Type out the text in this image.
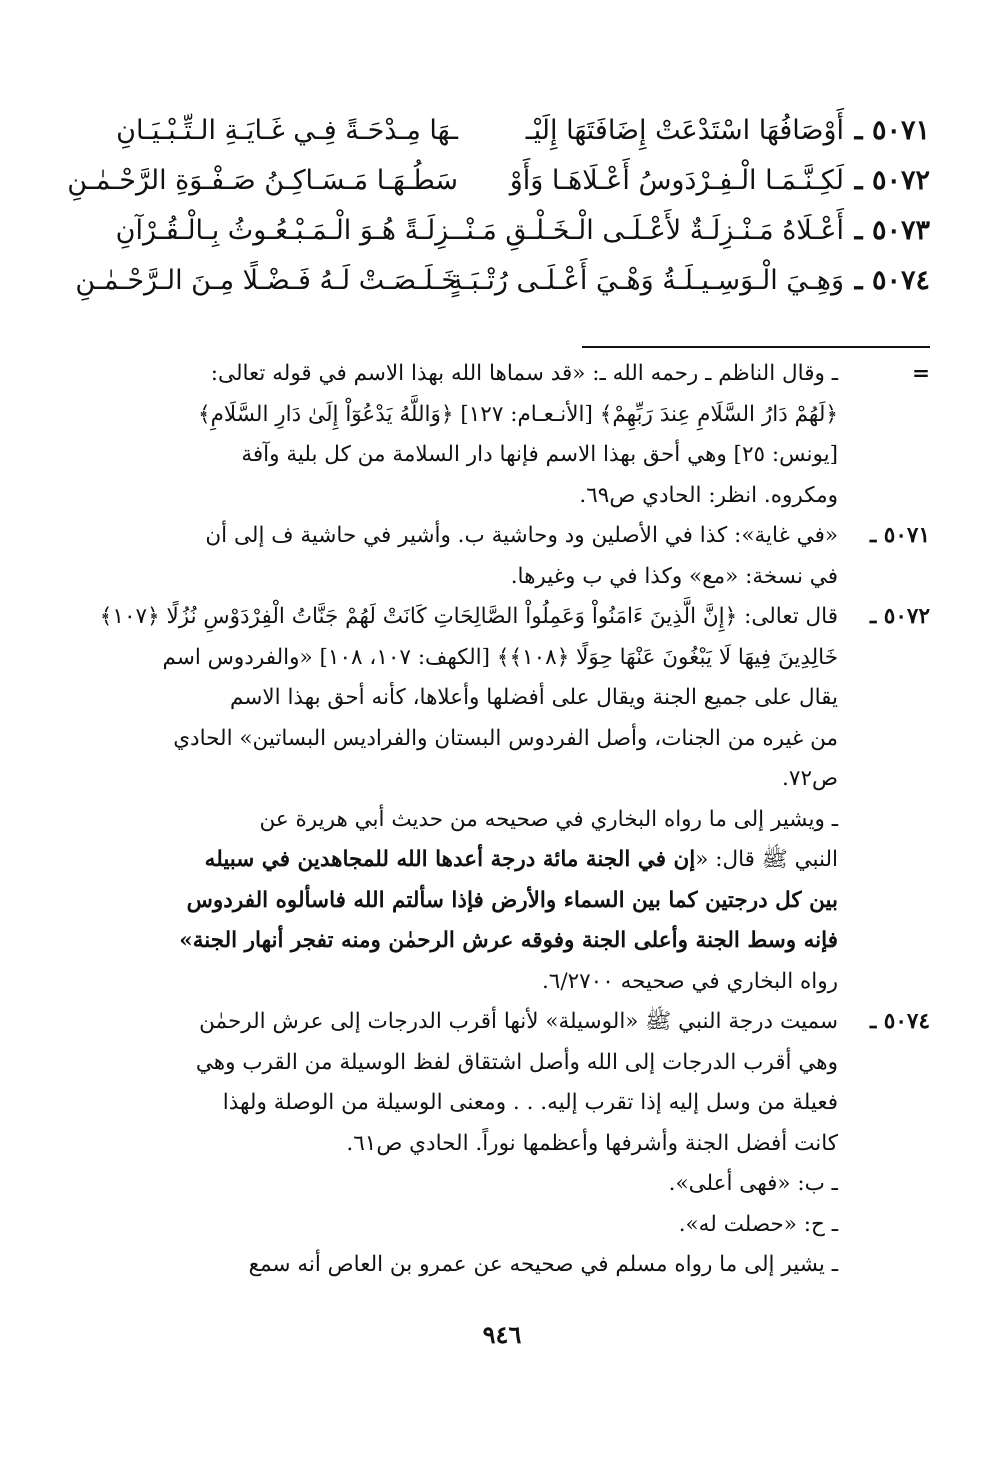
٥٠٧١ ـ
أَوْصَافُهَا اسْتَدْعَتْ إِضَافَتَهَا إِلَيْـ
ـهَا مِـدْحَـةً فِـي غَـايَـةِ الـتِّـبْـيَـانِ
٥٠٧٢ ـ
لَكِـنَّـمَـا الْـفِـرْدَوسُ أَعْـلَاهَـا وَأَوْ
سَطُـهَـا مَـسَـاكِـنُ صَـفْـوَةِ الرَّحْـمٰـنِ
٥٠٧٣ ـ
أَعْـلَاهُ مَـنْـزِلَـةٌ لأَعْـلَـى الْـخَـلْـقِ مَـنْـ
ـزِلَـةً هُـوَ الْـمَـبْـعُـوثُ بِـالْـقُـرْآنِ
٥٠٧٤ ـ
وَهِـيَ الْـوَسِـيـلَـةُ وَهْـيَ أَعْـلَـى رُتْـبَـةٍ
خَـلَـصَـتْ لَـهُ فَـضْـلًا مِـنَ الـرَّحْـمٰـنِ
=

ـ وقال الناظم ـ رحمه الله ـ: «قد سماها الله بهذا الاسم في قوله تعالى:

﴿لَهُمْ دَارُ السَّلَامِ عِندَ رَبِّهِمْ﴾ [الأنـعـام: ١٢٧] ﴿وَاللَّهُ يَدْعُوٓاْ إِلَىٰ دَارِ السَّلَامِ﴾

[يونس: ٢٥] وهي أحق بهذا الاسم فإنها دار السلامة من كل بلية وآفة

ومكروه. انظر: الحادي ص٦٩.

٥٠٧١ ـ

«في غاية»: كذا في الأصلين ود وحاشية ب. وأشير في حاشية ف إلى أن

في نسخة: «مع» وكذا في ب وغيرها.

٥٠٧٢ ـ

قال تعالى: ﴿إِنَّ الَّذِينَ ءَامَنُواْ وَعَمِلُواْ الصَّالِحَاتِ كَانَتْ لَهُمْ جَنَّاتُ الْفِرْدَوْسِ نُزُلًا ﴿١٠٧﴾

خَالِدِينَ فِيهَا لَا يَبْغُونَ عَنْهَا حِوَلًا ﴿١٠٨﴾﴾ [الكهف: ١٠٧، ١٠٨] «والفردوس اسم

يقال على جميع الجنة ويقال على أفضلها وأعلاها، كأنه أحق بهذا الاسم

من غيره من الجنات، وأصل الفردوس البستان والفراديس البساتين» الحادي

ص٧٢.

ـ ويشير إلى ما رواه البخاري في صحيحه من حديث أبي هريرة عن

النبي ﷺ قال: «إن في الجنة مائة درجة أعدها الله للمجاهدين في سبيله

بين كل درجتين كما بين السماء والأرض فإذا سألتم الله فاسألوه الفردوس

فإنه وسط الجنة وأعلى الجنة وفوقه عرش الرحمٰن ومنه تفجر أنهار الجنة»

رواه البخاري في صحيحه ٦/٢٧٠٠.

٥٠٧٤ ـ

سميت درجة النبي ﷺ «الوسيلة» لأنها أقرب الدرجات إلى عرش الرحمٰن

وهي أقرب الدرجات إلى الله وأصل اشتقاق لفظ الوسيلة من القرب وهي

فعيلة من وسل إليه إذا تقرب إليه. . . ومعنى الوسيلة من الوصلة ولهذا

كانت أفضل الجنة وأشرفها وأعظمها نوراً. الحادي ص٦١.

ـ ب: «فهى أعلى».

ـ ح: «حصلت له».

ـ يشير إلى ما رواه مسلم في صحيحه عن عمرو بن العاص أنه سمع

٩٤٦
